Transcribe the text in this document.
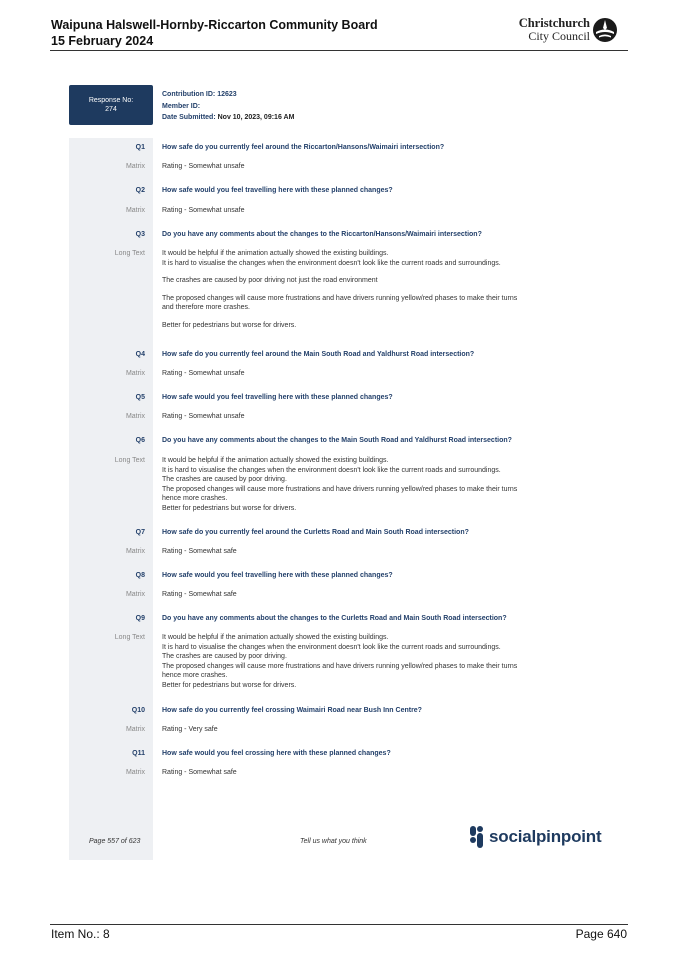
Waipuna Halswell-Hornby-Riccarton Community Board
15 February 2024
Christchurch
City Council
Response No:
274
Contribution ID: 12623
Member ID:
Date Submitted: Nov 10, 2023, 09:16 AM
Q1	How safe do you currently feel around the Riccarton/Hansons/Waimairi intersection?
Matrix	Rating - Somewhat unsafe

Q2	How safe would you feel travelling here with these planned changes?
Matrix	Rating - Somewhat unsafe

Q3	Do you have any comments about the changes to the Riccarton/Hansons/Waimairi intersection?
Long Text	It would be helpful if the animation actually showed the existing buildings.

It is hard to visualise the changes when the environment doesn't look like the current roads and surroundings.

The crashes are caused by poor driving not just the road environment

The proposed changes will cause more frustrations and have drivers running yellow/red phases to make their turns

and therefore more crashes.

Better for pedestrians but worse for drivers.

Q4	How safe do you currently feel around the Main South Road and Yaldhurst Road intersection?
Matrix	Rating - Somewhat unsafe

Q5	How safe would you feel travelling here with these planned changes?
Matrix	Rating - Somewhat unsafe

Q6	Do you have any comments about the changes to the Main South Road and Yaldhurst Road intersection?
Long Text	It would be helpful if the animation actually showed the existing buildings.

It is hard to visualise the changes when the environment doesn't look like the current roads and surroundings.

The crashes are caused by poor driving.

The proposed changes will cause more frustrations and have drivers running yellow/red phases to make their turns

hence more crashes.

Better for pedestrians but worse for drivers.

Q7	How safe do you currently feel around the Curletts Road and Main South Road intersection?
Matrix	Rating - Somewhat safe

Q8	How safe would you feel travelling here with these planned changes?
Matrix	Rating - Somewhat safe

Q9	Do you have any comments about the changes to the Curletts Road and Main South Road intersection?
Long Text	It would be helpful if the animation actually showed the existing buildings.

It is hard to visualise the changes when the environment doesn't look like the current roads and surroundings.

The crashes are caused by poor driving.

The proposed changes will cause more frustrations and have drivers running yellow/red phases to make their turns

hence more crashes.

Better for pedestrians but worse for drivers.

Q10	How safe do you currently feel crossing Waimairi Road near Bush Inn Centre?
Matrix	Rating - Very safe

Q11	How safe would you feel crossing here with these planned changes?
Matrix	Rating - Somewhat safe

Page 557 of 623	Tell us what you think	socialpinpoint
Item No.: 8	Page 640
